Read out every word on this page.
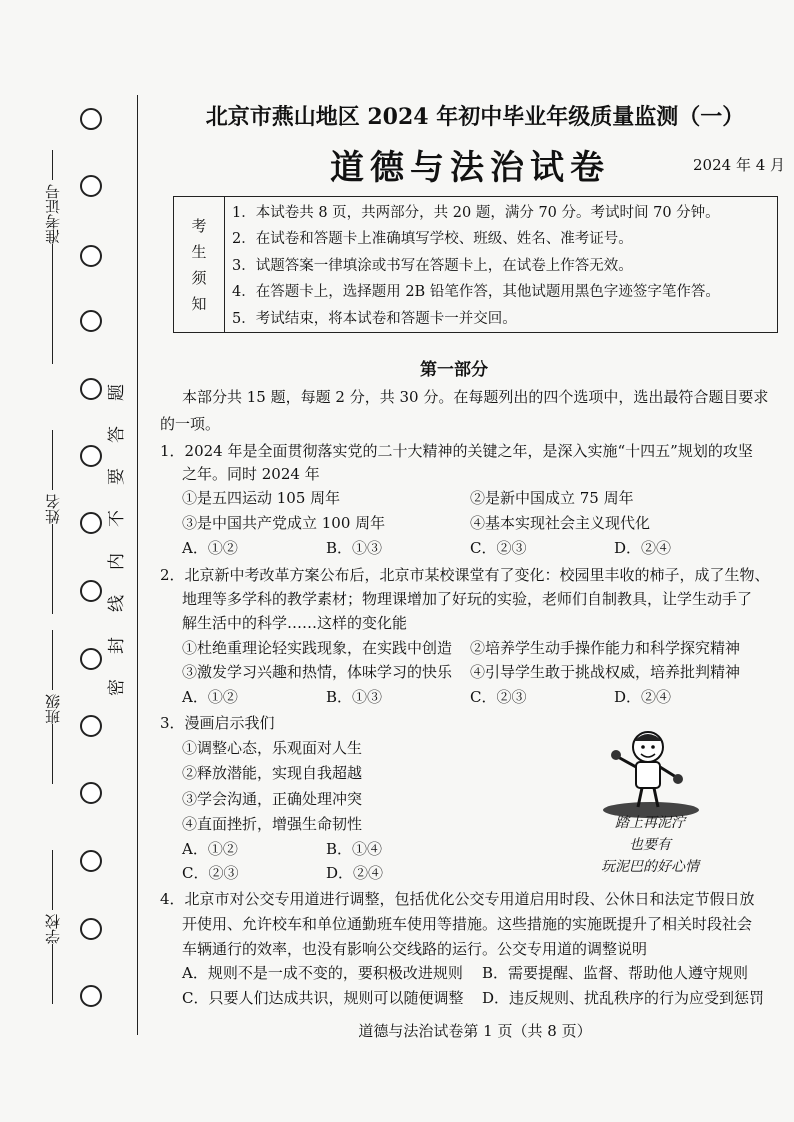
准考证号
姓名
班级
学校
题
答
要
不
内
线
封
密
北京市燕山地区 2024 年初中毕业年级质量监测（一）
道德与法治试卷	2024 年 4 月
考
生
须
知
1．本试卷共 8 页，共两部分，共 20 题，满分 70 分。考试时间 70 分钟。
2．在试卷和答题卡上准确填写学校、班级、姓名、准考证号。
3．试题答案一律填涂或书写在答题卡上，在试卷上作答无效。
4．在答题卡上，选择题用 2B 铅笔作答，其他试题用黑色字迹签字笔作答。
5．考试结束，将本试卷和答题卡一并交回。
第一部分
本部分共 15 题，每题 2 分，共 30 分。在每题列出的四个选项中，选出最符合题目要求
的一项。
1．2024 年是全面贯彻落实党的二十大精神的关键之年，是深入实施“十四五”规划的攻坚
之年。同时 2024 年
①是五四运动 105 周年	②是新中国成立 75 周年
③是中国共产党成立 100 周年	④基本实现社会主义现代化
A．①②	B．①③	C．②③	D．②④
2．北京新中考改革方案公布后，北京市某校课堂有了变化：校园里丰收的柿子，成了生物、
地理等多学科的教学素材；物理课增加了好玩的实验，老师们自制教具，让学生动手了
解生活中的科学……这样的变化能
①杜绝重理论轻实践现象，在实践中创造 ②培养学生动手操作能力和科学探究精神
③激发学习兴趣和热情，体味学习的快乐 ④引导学生敢于挑战权威，培养批判精神
A．①②	B．①③	C．②③	D．②④
3．漫画启示我们
①调整心态，乐观面对人生
②释放潜能，实现自我超越
③学会沟通，正确处理冲突
④直面挫折，增强生命韧性
A．①②	B．①④
C．②③	D．②④
踏上再泥泞
也要有
玩泥巴的好心情
4．北京市对公交专用道进行调整，包括优化公交专用道启用时段、公休日和法定节假日放
开使用、允许校车和单位通勤班车使用等措施。这些措施的实施既提升了相关时段社会
车辆通行的效率，也没有影响公交线路的运行。公交专用道的调整说明
A．规则不是一成不变的，要积极改进规则 B．需要提醒、监督、帮助他人遵守规则
C．只要人们达成共识，规则可以随便调整 D．违反规则、扰乱秩序的行为应受到惩罚
道德与法治试卷第 1 页（共 8 页）
